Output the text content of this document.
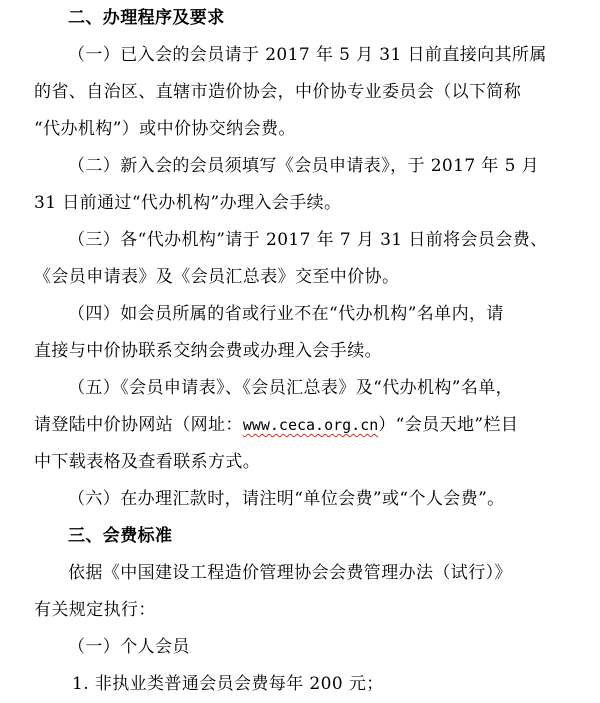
二、办理程序及要求
（一）已入会的会员请于 2017 年 5 月 31 日前直接向其所属
的省、自治区、直辖市造价协会，中价协专业委员会（以下简称
“代办机构”）或中价协交纳会费。
（二）新入会的会员须填写《会员申请表》，于 2017 年 5 月
31 日前通过“代办机构”办理入会手续。
（三）各“代办机构”请于 2017 年 7 月 31 日前将会员会费、
《会员申请表》及《会员汇总表》交至中价协。
（四）如会员所属的省或行业不在“代办机构”名单内，请
直接与中价协联系交纳会费或办理入会手续。
（五）《会员申请表》、《会员汇总表》及“代办机构”名单，
请登陆中价协网站（网址：www.ceca.org.cn）“会员天地”栏目
中下载表格及查看联系方式。
（六）在办理汇款时，请注明“单位会费”或“个人会费”。
三、会费标准
依据《中国建设工程造价管理协会会费管理办法（试行）》
有关规定执行：
（一）个人会员
1. 非执业类普通会员会费每年 200 元；
